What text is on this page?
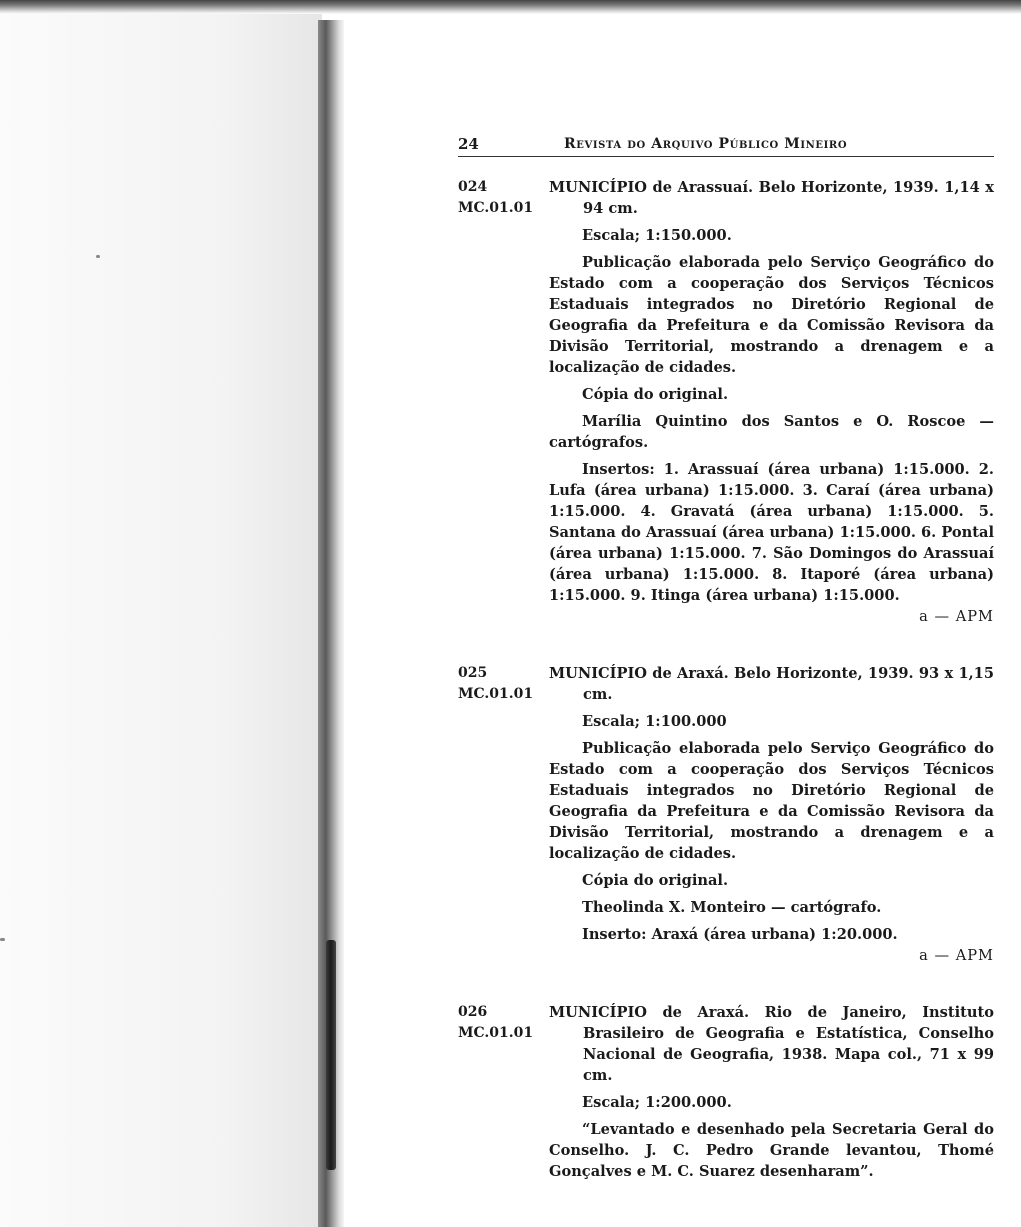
24	Revista do Arquivo Público Mineiro
024
MC.01.01
MUNICÍPIO de Arassuaí. Belo Horizonte, 1939. 1,14 x 94 cm.

Escala; 1:150.000.

Publicação elaborada pelo Serviço Geográfico do Estado com a cooperação dos Serviços Técnicos Estaduais integrados no Diretório Regional de Geografia da Prefeitura e da Comissão Revisora da Divisão Territorial, mostrando a drenagem e a localização de cidades.

Cópia do original.

Marília Quintino dos Santos e O. Roscoe — cartógrafos.

Insertos: 1. Arassuaí (área urbana) 1:15.000. 2. Lufa (área urbana) 1:15.000. 3. Caraí (área urbana) 1:15.000. 4. Gravatá (área urbana) 1:15.000. 5. Santana do Arassuaí (área urbana) 1:15.000. 6. Pontal (área urbana) 1:15.000. 7. São Domingos do Arassuaí (área urbana) 1:15.000. 8. Itaporé (área urbana) 1:15.000. 9. Itinga (área urbana) 1:15.000.

a — APM
025
MC.01.01
MUNICÍPIO de Araxá. Belo Horizonte, 1939. 93 x 1,15 cm.

Escala; 1:100.000

Publicação elaborada pelo Serviço Geográfico do Estado com a cooperação dos Serviços Técnicos Estaduais integrados no Diretório Regional de Geografia da Prefeitura e da Comissão Revisora da Divisão Territorial, mostrando a drenagem e a localização de cidades.

Cópia do original.

Theolinda X. Monteiro — cartógrafo.

Inserto: Araxá (área urbana) 1:20.000.

a — APM
026
MC.01.01
MUNICÍPIO de Araxá. Rio de Janeiro, Instituto Brasileiro de Geografia e Estatística, Conselho Nacional de Geografia, 1938. Mapa col., 71 x 99 cm.

Escala; 1:200.000.

“Levantado e desenhado pela Secretaria Geral do Conselho. J. C. Pedro Grande levantou, Thomé Gonçalves e M. C. Suarez desenharam”.
